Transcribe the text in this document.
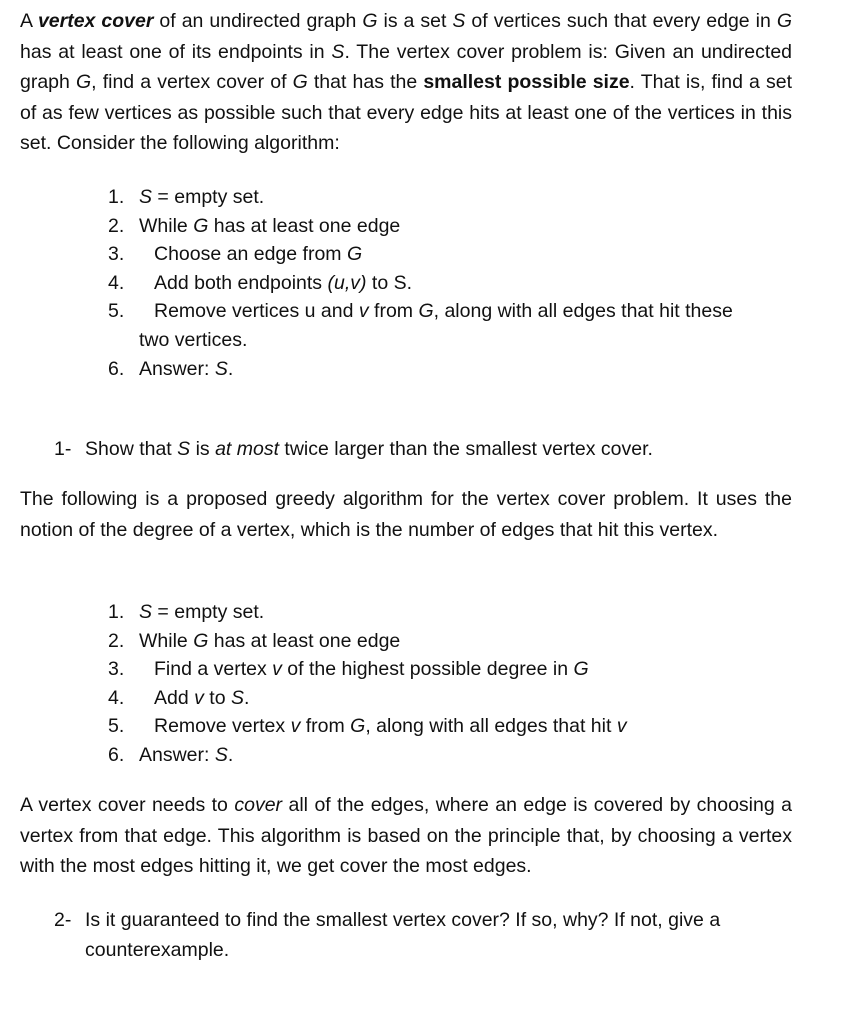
A vertex cover of an undirected graph G is a set S of vertices such that every edge in G has at least one of its endpoints in S. The vertex cover problem is: Given an undirected graph G, find a vertex cover of G that has the smallest possible size. That is, find a set of as few vertices as possible such that every edge hits at least one of the vertices in this set. Consider the following algorithm:

1. S = empty set.
2. While G has at least one edge
3. Choose an edge from G
4. Add both endpoints (u,v) to S.
5. Remove vertices u and v from G, along with all edges that hit these
two vertices.
6. Answer: S.

1- Show that S is at most twice larger than the smallest vertex cover.

The following is a proposed greedy algorithm for the vertex cover problem. It uses the notion of the degree of a vertex, which is the number of edges that hit this vertex.

1. S = empty set.
2. While G has at least one edge
3. Find a vertex v of the highest possible degree in G
4. Add v to S.
5. Remove vertex v from G, along with all edges that hit v
6. Answer: S.

A vertex cover needs to cover all of the edges, where an edge is covered by choosing a vertex from that edge. This algorithm is based on the principle that, by choosing a vertex with the most edges hitting it, we get cover the most edges.

2- Is it guaranteed to find the smallest vertex cover? If so, why? If not, give a counterexample.
